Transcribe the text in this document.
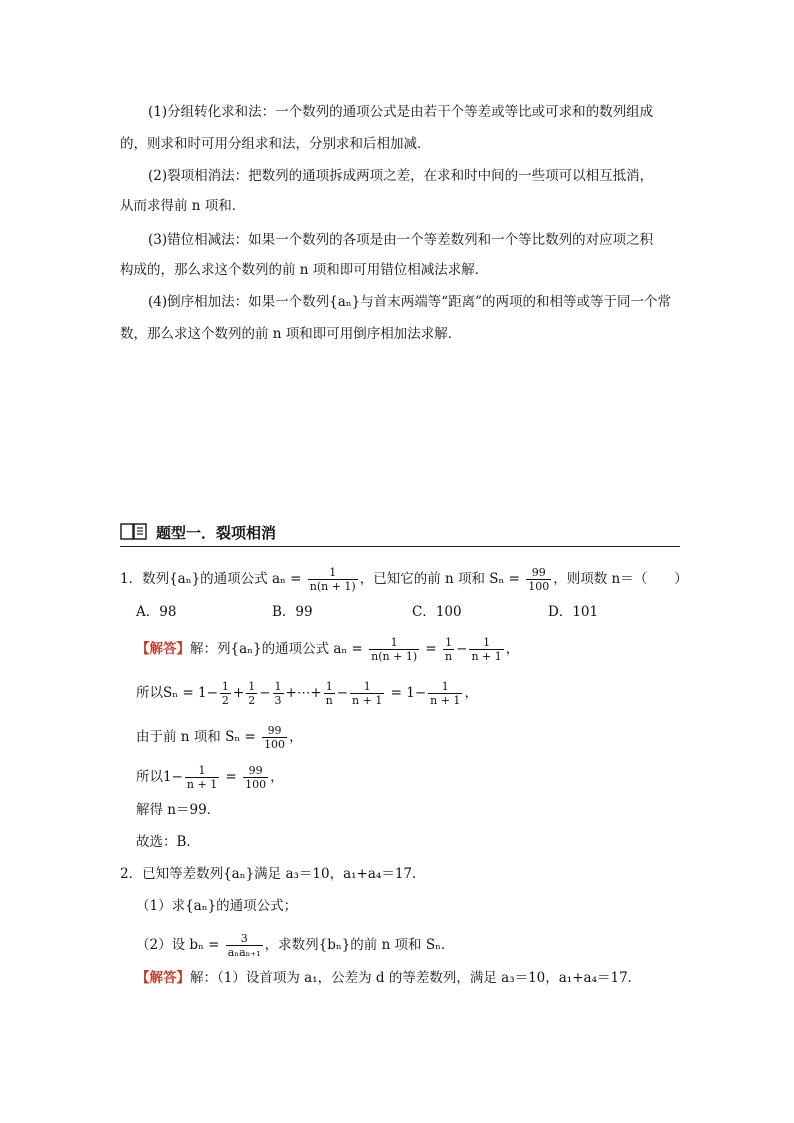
(1)分组转化求和法：一个数列的通项公式是由若干个等差或等比或可求和的数列组成
的，则求和时可用分组求和法，分别求和后相加减．
(2)裂项相消法：把数列的通项拆成两项之差，在求和时中间的一些项可以相互抵消，
从而求得前 n 项和．
(3)错位相减法：如果一个数列的各项是由一个等差数列和一个等比数列的对应项之积
构成的，那么求这个数列的前 n 项和即可用错位相减法求解．
(4)倒序相加法：如果一个数列{aₙ}与首末两端等“距离”的两项的和相等或等于同一个常
数，那么求这个数列的前 n 项和即可用倒序相加法求解．
题型一．裂项相消
1．数列{aₙ}的通项公式 $a_n = \frac{1}{n(n + 1)}$ ，已知它的前 n 项和 $S_n = \frac{99}{100}$ ，则项数 n＝（　　）
A．98	B．99	C．100	D．101
【解答】解：列{aₙ}的通项公式 $a_n = \frac{1}{n(n + 1)} = \frac{1}{n} - \frac{1}{n + 1}$ ，
所以$S_n = 1- \frac{1}{2} + \frac{1}{2} - \frac{1}{3}$ +⋯+ $\frac{1}{n} - \frac{1}{n + 1} = 1- \frac{1}{n + 1}$ ，
由于前 n 项和 $S_n = \frac{99}{100}$ ，
所以$1- \frac{1}{n + 1} = \frac{99}{100}$ ，
解得 n＝99．
故选：B．
2．已知等差数列{aₙ}满足 a₃＝10，a₁+a₄＝17．
（1）求{aₙ}的通项公式；
（2）设 $b_n = \frac{3}{\text{aₙaₙ₊₁}}$ ，求数列{bₙ}的前 n 项和 Sₙ．
【解答】解：（1）设首项为 a₁，公差为 d 的等差数列，满足 a₃＝10，a₁+a₄＝17．
